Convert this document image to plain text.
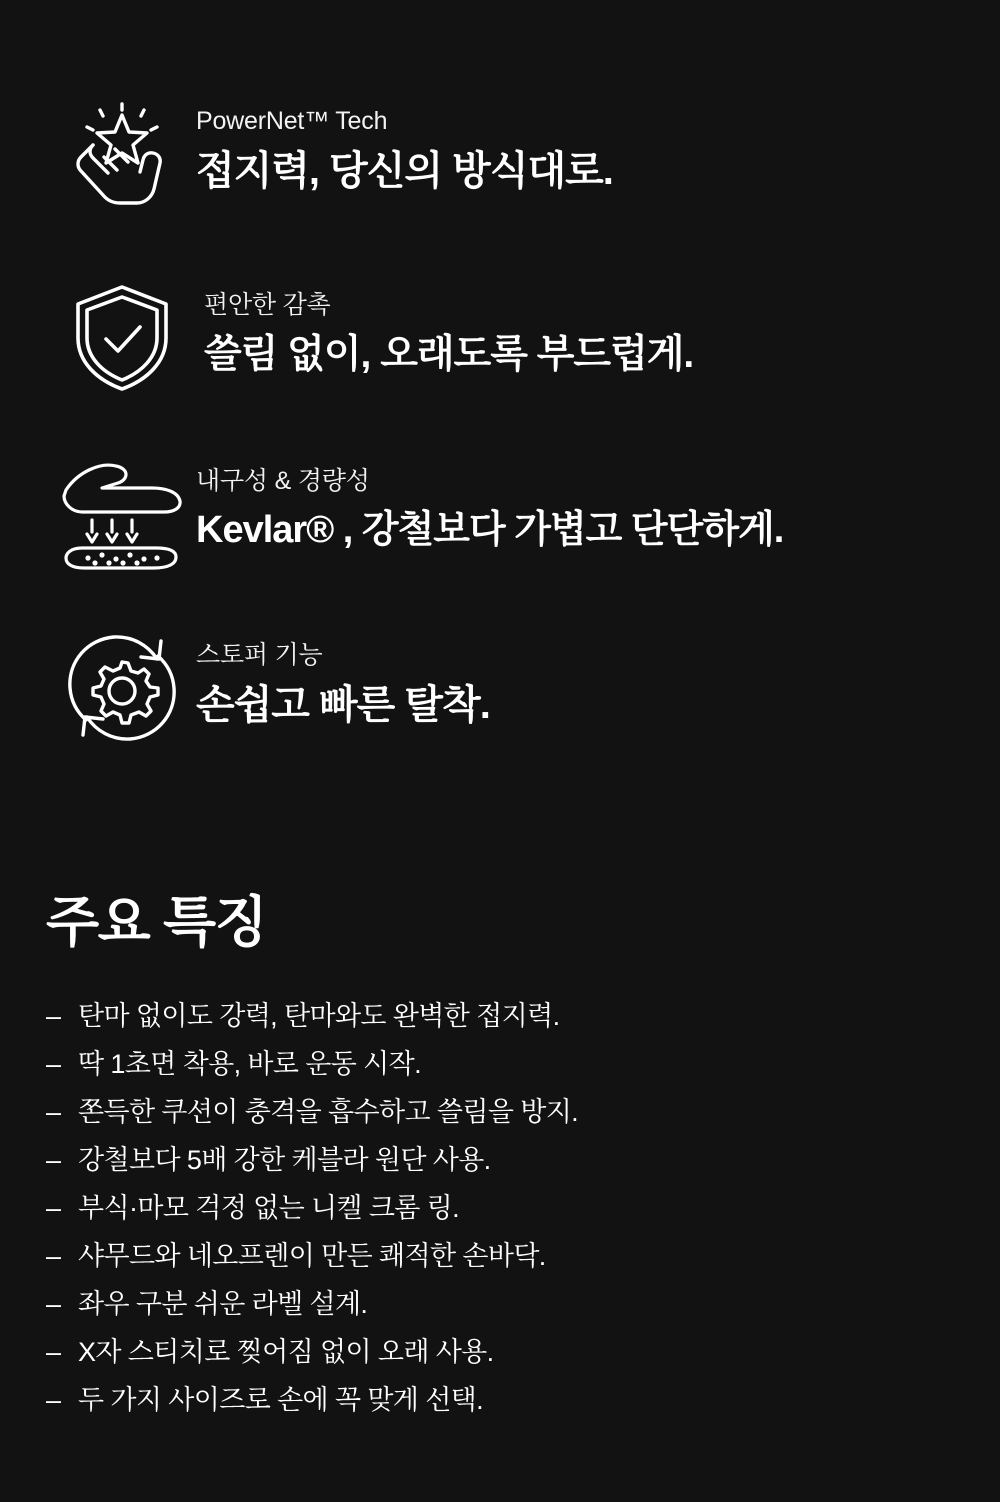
PowerNet™ Tech
접지력, 당신의 방식대로.
편안한 감촉
쓸림 없이, 오래도록 부드럽게.
내구성 & 경량성
Kevlar® , 강철보다 가볍고 단단하게.
스토퍼 기능
손쉽고 빠른 탈착.
주요 특징
– 탄마 없이도 강력, 탄마와도 완벽한 접지력.
– 딱 1초면 착용, 바로 운동 시작.
– 쫀득한 쿠션이 충격을 흡수하고 쓸림을 방지.
– 강철보다 5배 강한 케블라 원단 사용.
– 부식·마모 걱정 없는 니켈 크롬 링.
– 샤무드와 네오프렌이 만든 쾌적한 손바닥.
– 좌우 구분 쉬운 라벨 설계.
– X자 스티치로 찢어짐 없이 오래 사용.
– 두 가지 사이즈로 손에 꼭 맞게 선택.
